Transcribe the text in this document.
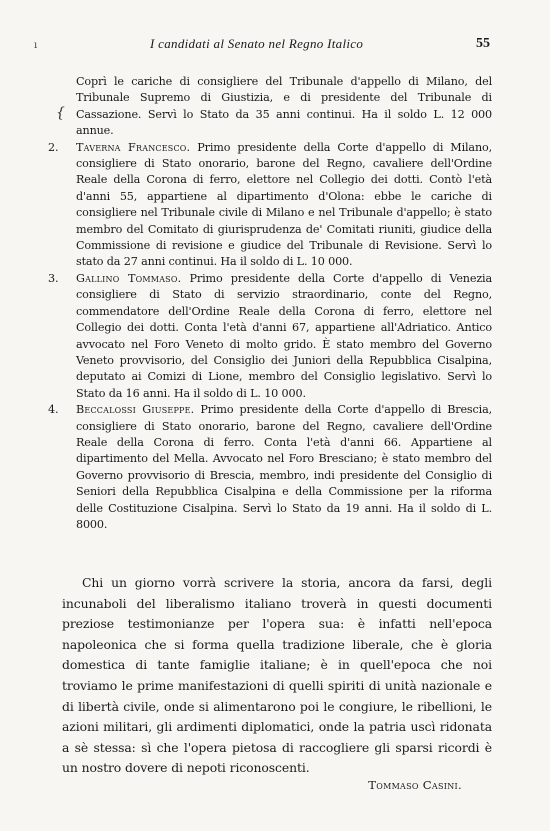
ı
{
I candidati al Senato nel Regno Italico	55

Coprì le cariche di consigliere del Tribunale d'appello di Milano, del Tribunale Supremo di Giustizia, e di presidente del Tribunale di Cassazione. Servì lo Stato da 35 anni continui. Ha il soldo L. 12 000 annue.

2. Taverna Francesco. Primo presidente della Corte d'appello di Milano, consigliere di Stato onorario, barone del Regno, cavaliere dell'Ordine Reale della Corona di ferro, elettore nel Collegio dei dotti. Contò l'età d'anni 55, appartiene al dipartimento d'Olona: ebbe le cariche di consigliere nel Tribunale civile di Milano e nel Tribunale d'appello; è stato membro del Comitato di giurisprudenza de' Comitati riuniti, giudice della Commissione di revisione e giudice del Tribunale di Revisione. Servì lo stato da 27 anni continui. Ha il soldo di L. 10 000.

3. Gallino Tommaso. Primo presidente della Corte d'appello di Venezia consigliere di Stato di servizio straordinario, conte del Regno, commendatore dell'Ordine Reale della Corona di ferro, elettore nel Collegio dei dotti. Conta l'età d'anni 67, appartiene all'Adriatico. Antico avvocato nel Foro Veneto di molto grido. È stato membro del Governo Veneto provvisorio, del Consiglio dei Juniori della Repubblica Cisalpina, deputato ai Comizi di Lione, membro del Consiglio legislativo. Servì lo Stato da 16 anni. Ha il soldo di L. 10 000.

4. Beccalossi Giuseppe. Primo presidente della Corte d'appello di Brescia, consigliere di Stato onorario, barone del Regno, cavaliere dell'Ordine Reale della Corona di ferro. Conta l'età d'anni 66. Appartiene al dipartimento del Mella. Avvocato nel Foro Bresciano; è stato membro del Governo provvisorio di Brescia, membro, indi presidente del Consiglio di Seniori della Repubblica Cisalpina e della Commissione per la riforma delle Costituzione Cisalpina. Servì lo Stato da 19 anni. Ha il soldo di L. 8000.

Chi un giorno vorrà scrivere la storia, ancora da farsi, degli incunaboli del liberalismo italiano troverà in questi documenti preziose testimonianze per l'opera sua: è infatti nell'epoca napoleonica che si forma quella tradizione liberale, che è gloria domestica di tante famiglie italiane; è in quell'epoca che noi troviamo le prime manifestazioni di quelli spiriti di unità nazionale e di libertà civile, onde si alimentarono poi le congiure, le ribellioni, le azioni militari, gli ardimenti diplomatici, onde la patria uscì ridonata a sè stessa: sì che l'opera pietosa di raccogliere gli sparsi ricordi è un nostro dovere di nepoti riconoscenti.

Tommaso Casini.
